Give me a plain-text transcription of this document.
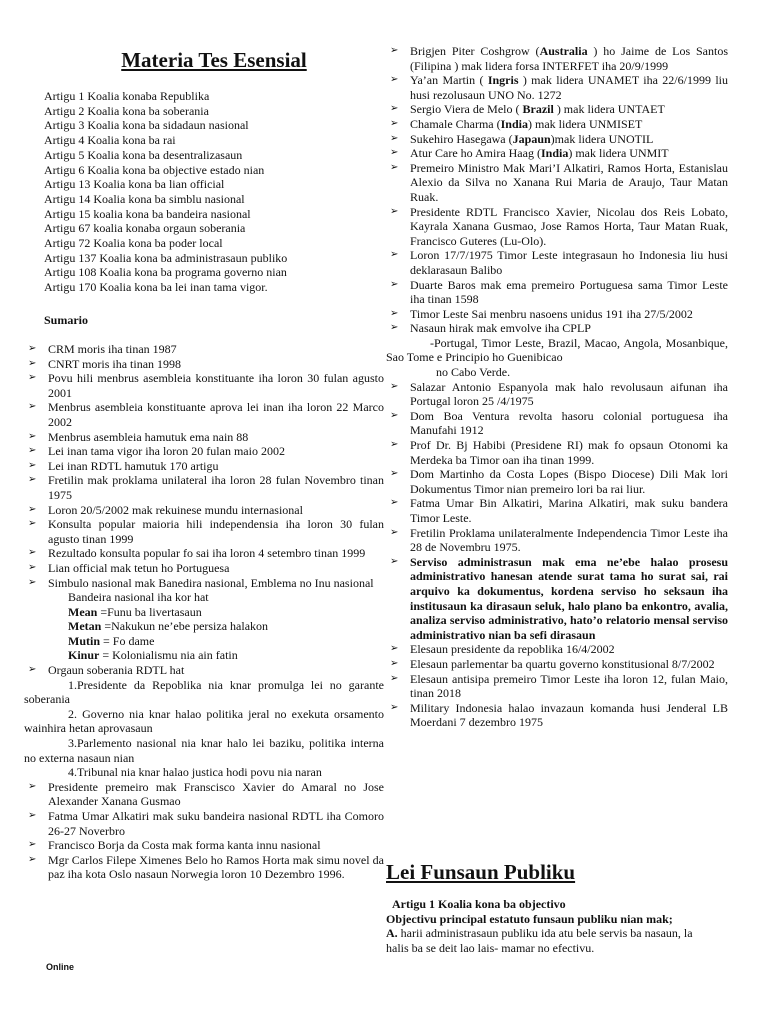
Materia Tes Esensial
Artigu 1 Koalia konaba Republika
Artigu 2 Koalia kona ba soberania
Artigu 3 Koalia kona ba sidadaun nasional
Artigu 4 Koalia kona ba rai
Artigu 5 Koalia kona ba desentralizasaun
Artigu 6 Koalia kona ba objective estado nian
Artigu 13 Koalia kona ba lian official
Artigu 14 Koalia kona ba simblu nasional
Artigu 15 koalia kona ba bandeira nasional
Artigu 67 koalia konaba orgaun soberania
Artigu 72 Koalia kona ba poder local
Artigu 137 Koalia kona ba administrasaun publiko
Artigu 108 Koalia kona ba programa governo nian
Artigu 170 Koalia kona ba lei inan tama vigor.
Sumario
➢ CRM moris iha tinan 1987
➢ CNRT moris iha tinan 1998
➢ Povu hili menbrus asembleia konstituante iha loron 30 fulan agusto 2001
➢ Menbrus asembleia konstituante aprova lei inan iha loron 22 Marco 2002
➢ Menbrus asembleia hamutuk ema nain 88
➢ Lei inan tama vigor iha loron 20 fulan maio 2002
➢ Lei inan RDTL hamutuk 170 artigu
➢ Fretilin mak proklama unilateral iha loron 28 fulan Novembro tinan 1975
➢ Loron 20/5/2002 mak rekuinese mundu internasional
➢ Konsulta popular maioria hili independensia iha loron 30 fulan agusto tinan 1999
➢ Rezultado konsulta popular fo sai iha loron 4 setembro tinan 1999
➢ Lian official mak tetun ho Portuguesa
➢ Simbulo nasional mak Banedira nasional, Emblema no Inu nasional
Bandeira nasional iha kor hat
Mean =Funu ba livertasaun
Metan =Nakukun ne’ebe persiza halakon
Mutin = Fo dame
Kinur = Kolonialismu nia ain fatin
➢ Orgaun soberania RDTL hat
1.Presidente da Repoblika nia knar promulga lei no garante soberania
2. Governo nia knar halao politika jeral no exekuta orsamento wainhira hetan aprovasaun
3.Parlemento nasional nia knar halo lei baziku, politika interna no externa nasaun nian
4.Tribunal nia knar halao justica hodi povu nia naran
➢ Presidente premeiro mak Franscisco Xavier do Amaral no Jose Alexander Xanana Gusmao
➢ Fatma Umar Alkatiri mak suku bandeira nasional RDTL iha Comoro 26-27 Noverbro
➢ Francisco Borja da Costa mak forma kanta innu nasional
➢ Mgr Carlos Filepe Ximenes Belo ho Ramos Horta mak simu novel da paz iha kota Oslo nasaun Norwegia loron 10 Dezembro 1996.
Online
➢ Brigjen Piter Coshgrow (Australia ) ho Jaime de Los Santos (Filipina ) mak lidera forsa INTERFET iha 20/9/1999
➢ Ya’an Martin ( Ingris ) mak lidera UNAMET iha 22/6/1999 liu husi rezolusaun UNO No. 1272
➢ Sergio Viera de Melo ( Brazil ) mak lidera UNTAET
➢ Chamale Charma (India) mak lidera UNMISET
➢ Sukehiro Hasegawa (Japaun)mak lidera UNOTIL
➢ Atur Care ho Amira Haag (India) mak lidera UNMIT
➢ Premeiro Ministro Mak Mari’I Alkatiri, Ramos Horta, Estanislau Alexio da Silva no Xanana Rui Maria de Araujo, Taur Matan Ruak.
➢ Presidente RDTL Francisco Xavier, Nicolau dos Reis Lobato, Kayrala Xanana Gusmao, Jose Ramos Horta, Taur Matan Ruak, Francisco Guteres (Lu-Olo).
➢ Loron 17/7/1975 Timor Leste integrasaun ho Indonesia liu husi deklarasaun Balibo
➢ Duarte Baros mak ema premeiro Portuguesa sama Timor Leste iha tinan 1598
➢ Timor Leste Sai menbru nasoens unidus 191 iha 27/5/2002
➢ Nasaun hirak mak emvolve iha CPLP
-Portugal, Timor Leste, Brazil, Macao, Angola, Mosanbique, Sao Tome e Principio ho Guenibicao
no Cabo Verde.
➢ Salazar Antonio Espanyola mak halo revolusaun aifunan iha Portugal loron 25 /4/1975
➢ Dom Boa Ventura revolta hasoru colonial portuguesa iha Manufahi 1912
➢ Prof Dr. Bj Habibi (Presidene RI) mak fo opsaun Otonomi ka Merdeka ba Timor oan iha tinan 1999.
➢ Dom Martinho da Costa Lopes (Bispo Diocese) Dili Mak lori Dokumentus Timor nian premeiro lori ba rai liur.
➢ Fatma Umar Bin Alkatiri, Marina Alkatiri, mak suku bandera Timor Leste.
➢ Fretilin Proklama unilateralmente Independencia Timor Leste iha 28 de Novembru 1975.
➢ Serviso administrasun mak ema ne’ebe halao prosesu administrativo hanesan atende surat tama ho surat sai, rai arquivo ka dokumentus, kordena serviso ho seksaun iha institusaun ka dirasaun seluk, halo plano ba enkontro, avalia, analiza serviso administrativo, hato’o relatorio mensal serviso administrativo nian ba sefi dirasaun
➢ Elesaun presidente da repoblika 16/4/2002
➢ Elesaun parlementar ba quartu governo konstitusional 8/7/2002
➢ Elesaun antisipa premeiro Timor Leste iha loron 12, fulan Maio, tinan 2018
➢ Military Indonesia halao invazaun komanda husi Jenderal LB Moerdani 7 dezembro 1975
Lei Funsaun Publiku

Artigu 1 Koalia kona ba objectivo

Objectivu principal estatuto funsaun publiku nian mak;

A. harii administrasaun publiku ida atu bele servis ba nasaun, la halis ba se deit lao lais- mamar no efectivu.
